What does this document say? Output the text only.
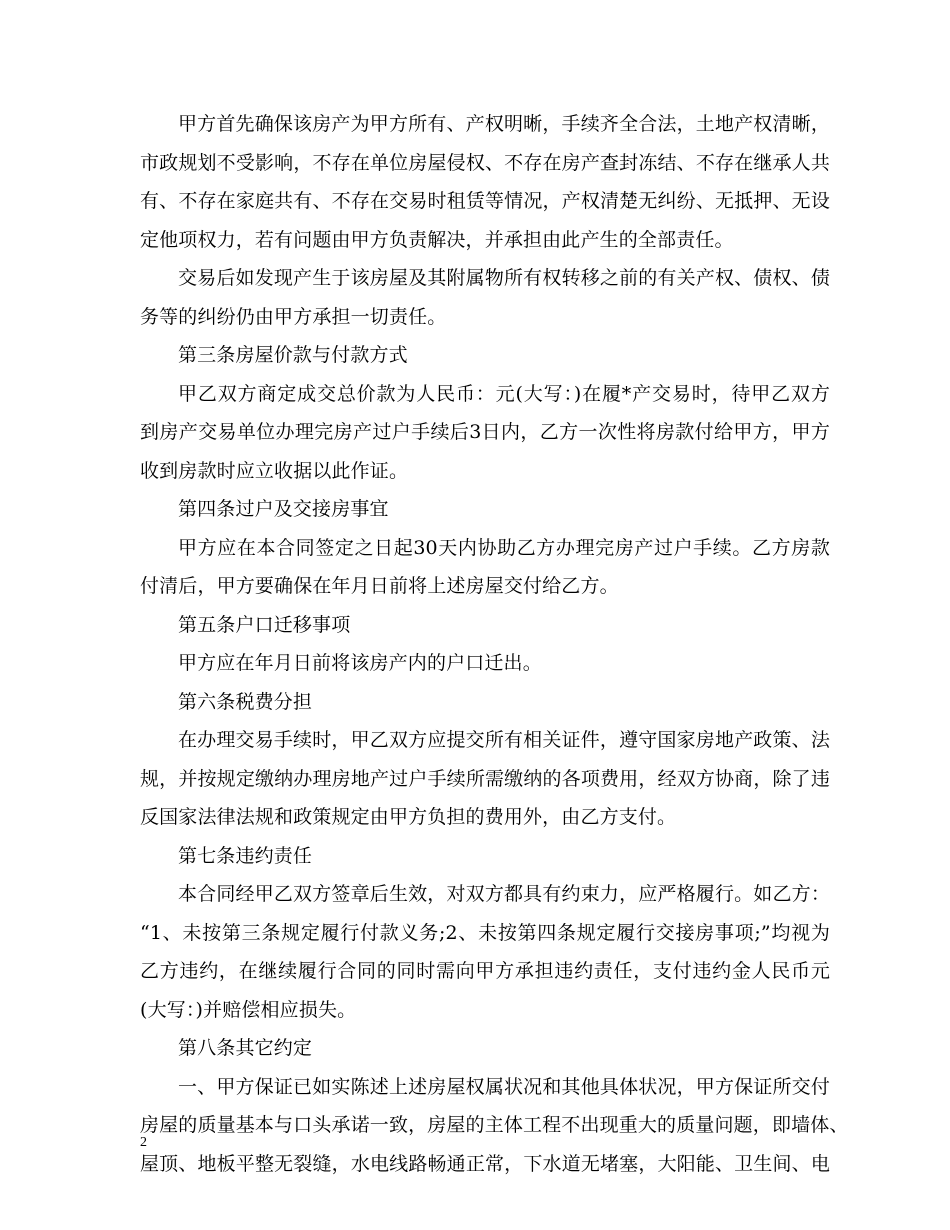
甲方首先确保该房产为甲方所有、产权明晰，手续齐全合法，土地产权清晰，
市政规划不受影响，不存在单位房屋侵权、不存在房产查封冻结、不存在继承人共
有、不存在家庭共有、不存在交易时租赁等情况，产权清楚无纠纷、无抵押、无设
定他项权力，若有问题由甲方负责解决，并承担由此产生的全部责任。
交易后如发现产生于该房屋及其附属物所有权转移之前的有关产权、债权、债
务等的纠纷仍由甲方承担一切责任。
第三条房屋价款与付款方式
甲乙双方商定成交总价款为人民币：元(大写：)在履*产交易时，待甲乙双方
到房产交易单位办理完房产过户手续后3日内，乙方一次性将房款付给甲方，甲方
收到房款时应立收据以此作证。
第四条过户及交接房事宜
甲方应在本合同签定之日起30天内协助乙方办理完房产过户手续。乙方房款
付清后，甲方要确保在年月日前将上述房屋交付给乙方。
第五条户口迁移事项
甲方应在年月日前将该房产内的户口迁出。
第六条税费分担
在办理交易手续时，甲乙双方应提交所有相关证件，遵守国家房地产政策、法
规，并按规定缴纳办理房地产过户手续所需缴纳的各项费用，经双方协商，除了违
反国家法律法规和政策规定由甲方负担的费用外，由乙方支付。
第七条违约责任
本合同经甲乙双方签章后生效，对双方都具有约束力，应严格履行。如乙方：
“1、未按第三条规定履行付款义务;2、未按第四条规定履行交接房事项;”均视为
乙方违约，在继续履行合同的同时需向甲方承担违约责任，支付违约金人民币元
(大写：)并赔偿相应损失。
第八条其它约定
一、甲方保证已如实陈述上述房屋权属状况和其他具体状况，甲方保证所交付
房屋的质量基本与口头承诺一致，房屋的主体工程不出现重大的质量问题，即墙体、
屋顶、地板平整无裂缝，水电线路畅通正常，下水道无堵塞，大阳能、卫生间、电
2
